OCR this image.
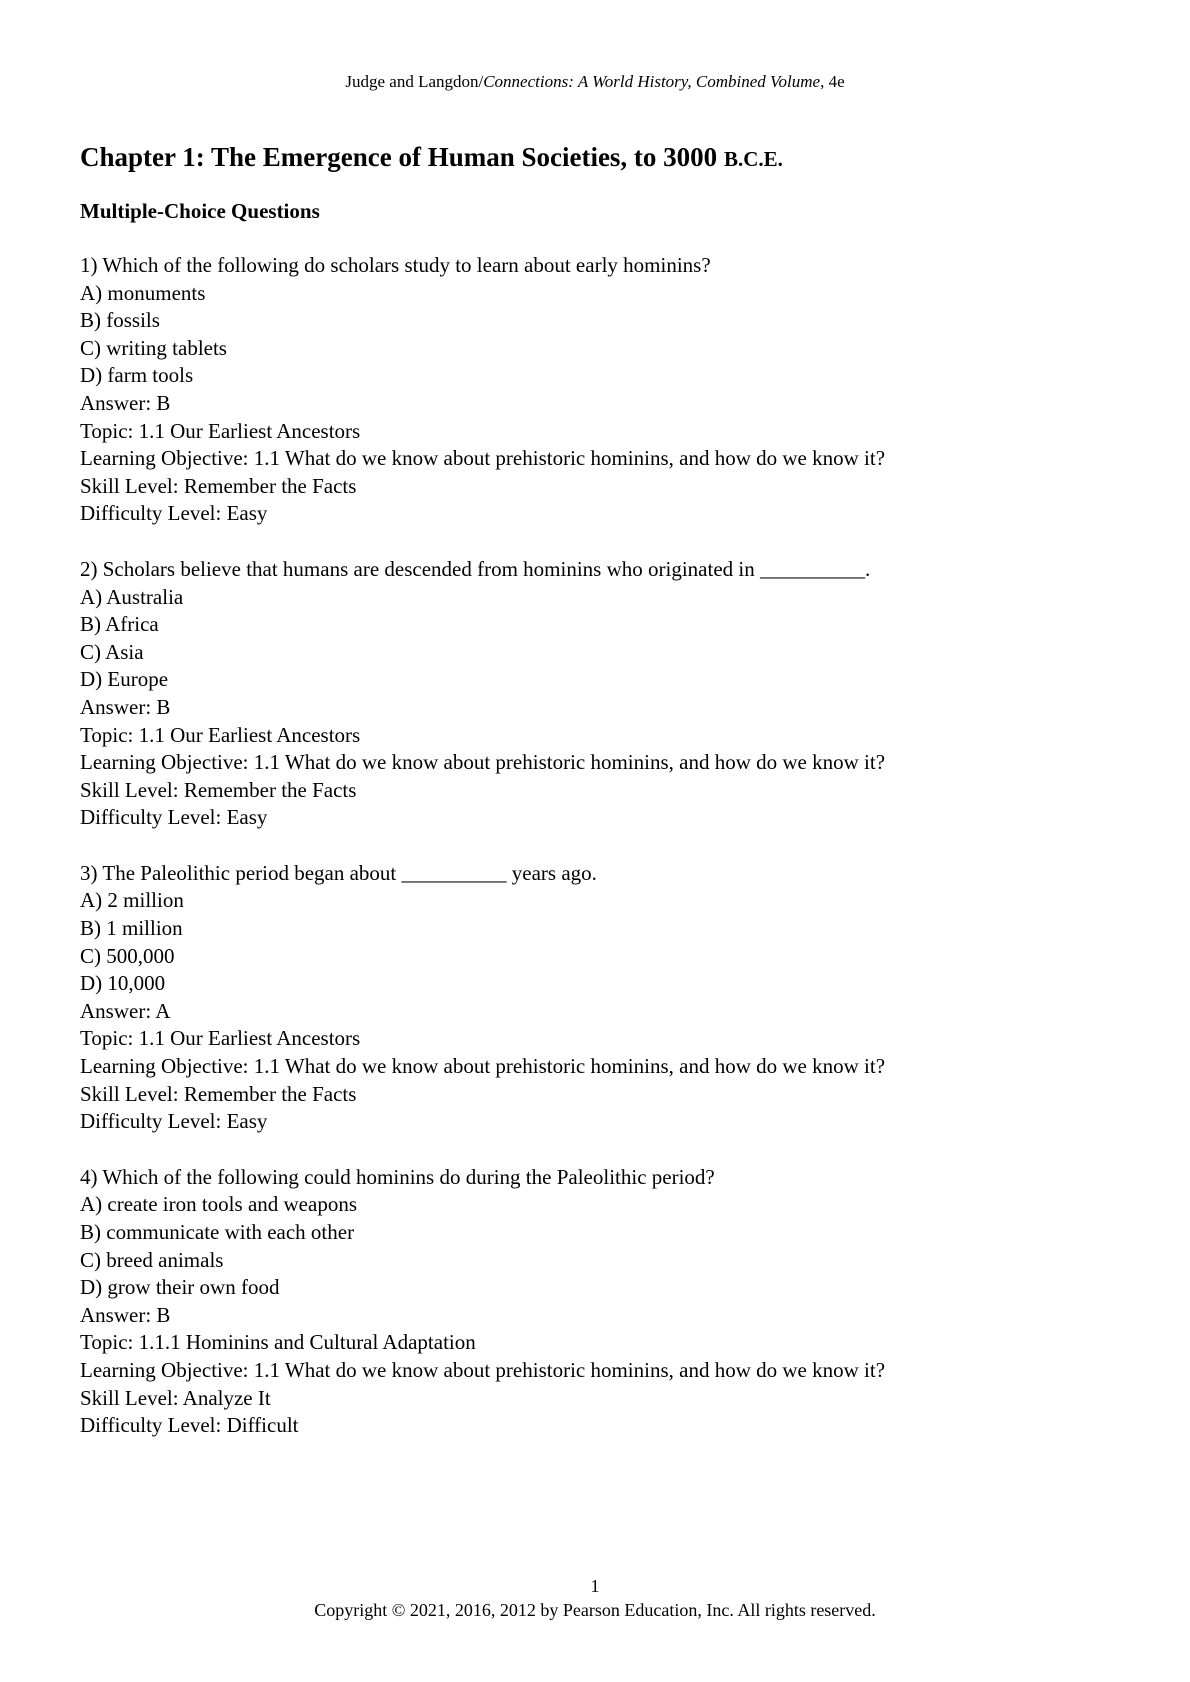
Judge and Langdon/Connections: A World History, Combined Volume, 4e
Chapter 1: The Emergence of Human Societies, to 3000 B.C.E.
Multiple-Choice Questions
1) Which of the following do scholars study to learn about early hominins?
A) monuments
B) fossils
C) writing tablets
D) farm tools
Answer: B
Topic: 1.1 Our Earliest Ancestors
Learning Objective: 1.1 What do we know about prehistoric hominins, and how do we know it?
Skill Level: Remember the Facts
Difficulty Level: Easy
2) Scholars believe that humans are descended from hominins who originated in __________.
A) Australia
B) Africa
C) Asia
D) Europe
Answer: B
Topic: 1.1 Our Earliest Ancestors
Learning Objective: 1.1 What do we know about prehistoric hominins, and how do we know it?
Skill Level: Remember the Facts
Difficulty Level: Easy
3) The Paleolithic period began about __________ years ago.
A) 2 million
B) 1 million
C) 500,000
D) 10,000
Answer: A
Topic: 1.1 Our Earliest Ancestors
Learning Objective: 1.1 What do we know about prehistoric hominins, and how do we know it?
Skill Level: Remember the Facts
Difficulty Level: Easy
4) Which of the following could hominins do during the Paleolithic period?
A) create iron tools and weapons
B) communicate with each other
C) breed animals
D) grow their own food
Answer: B
Topic: 1.1.1 Hominins and Cultural Adaptation
Learning Objective: 1.1 What do we know about prehistoric hominins, and how do we know it?
Skill Level: Analyze It
Difficulty Level: Difficult
1
Copyright © 2021, 2016, 2012 by Pearson Education, Inc. All rights reserved.
